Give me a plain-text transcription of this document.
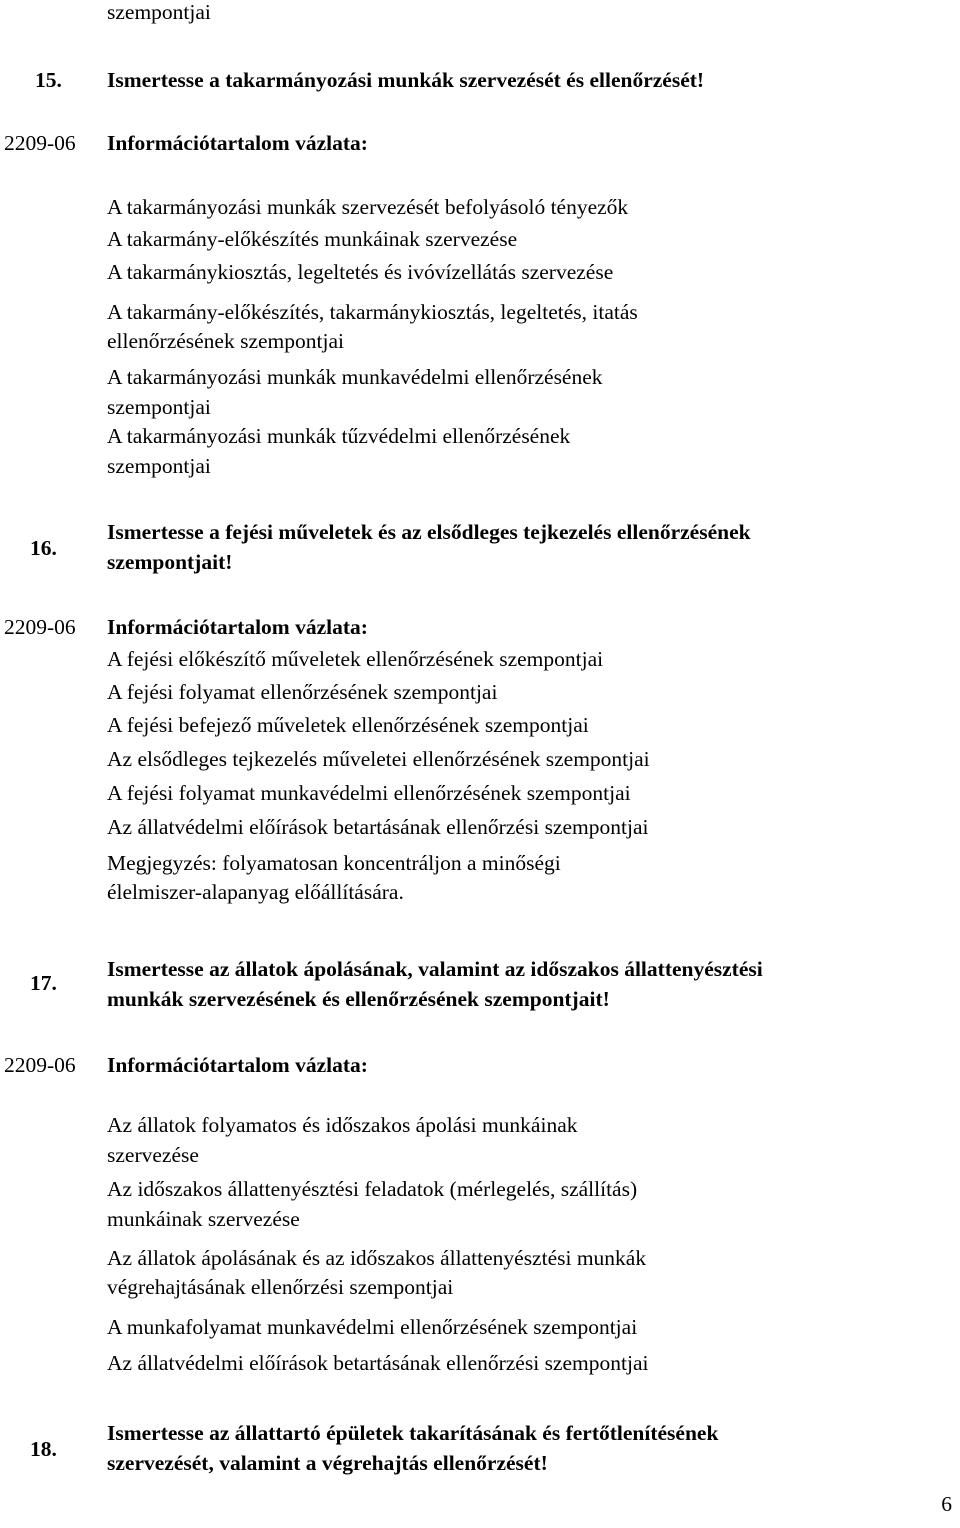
szempontjai
15. Ismertesse a takarmányozási munkák szervezését és ellenőrzését!
2209-06 Információtartalom vázlata:
A takarmányozási munkák szervezését befolyásoló tényezők
A takarmány-előkészítés munkáinak szervezése
A takarmánykiosztás, legeltetés és ivóvízellátás szervezése
A takarmány-előkészítés, takarmánykiosztás, legeltetés, itatás
ellenőrzésének szempontjai
A takarmányozási munkák munkavédelmi ellenőrzésének
szempontjai
A takarmányozási munkák tűzvédelmi ellenőrzésének
szempontjai
16.
Ismertesse a fejési műveletek és az elsődleges tejkezelés ellenőrzésének
szempontjait!
2209-06 Információtartalom vázlata:
A fejési előkészítő műveletek ellenőrzésének szempontjai
A fejési folyamat ellenőrzésének szempontjai
A fejési befejező műveletek ellenőrzésének szempontjai
Az elsődleges tejkezelés műveletei ellenőrzésének szempontjai
A fejési folyamat munkavédelmi ellenőrzésének szempontjai
Az állatvédelmi előírások betartásának ellenőrzési szempontjai
Megjegyzés: folyamatosan koncentráljon a minőségi
élelmiszer-alapanyag előállítására.
17.
Ismertesse az állatok ápolásának, valamint az időszakos állattenyésztési
munkák szervezésének és ellenőrzésének szempontjait!
2209-06 Információtartalom vázlata:
Az állatok folyamatos és időszakos ápolási munkáinak
szervezése
Az időszakos állattenyésztési feladatok (mérlegelés, szállítás)
munkáinak szervezése
Az állatok ápolásának és az időszakos állattenyésztési munkák
végrehajtásának ellenőrzési szempontjai
A munkafolyamat munkavédelmi ellenőrzésének szempontjai
Az állatvédelmi előírások betartásának ellenőrzési szempontjai
18.
Ismertesse az állattartó épületek takarításának és fertőtlenítésének
szervezését, valamint a végrehajtás ellenőrzését!
6
